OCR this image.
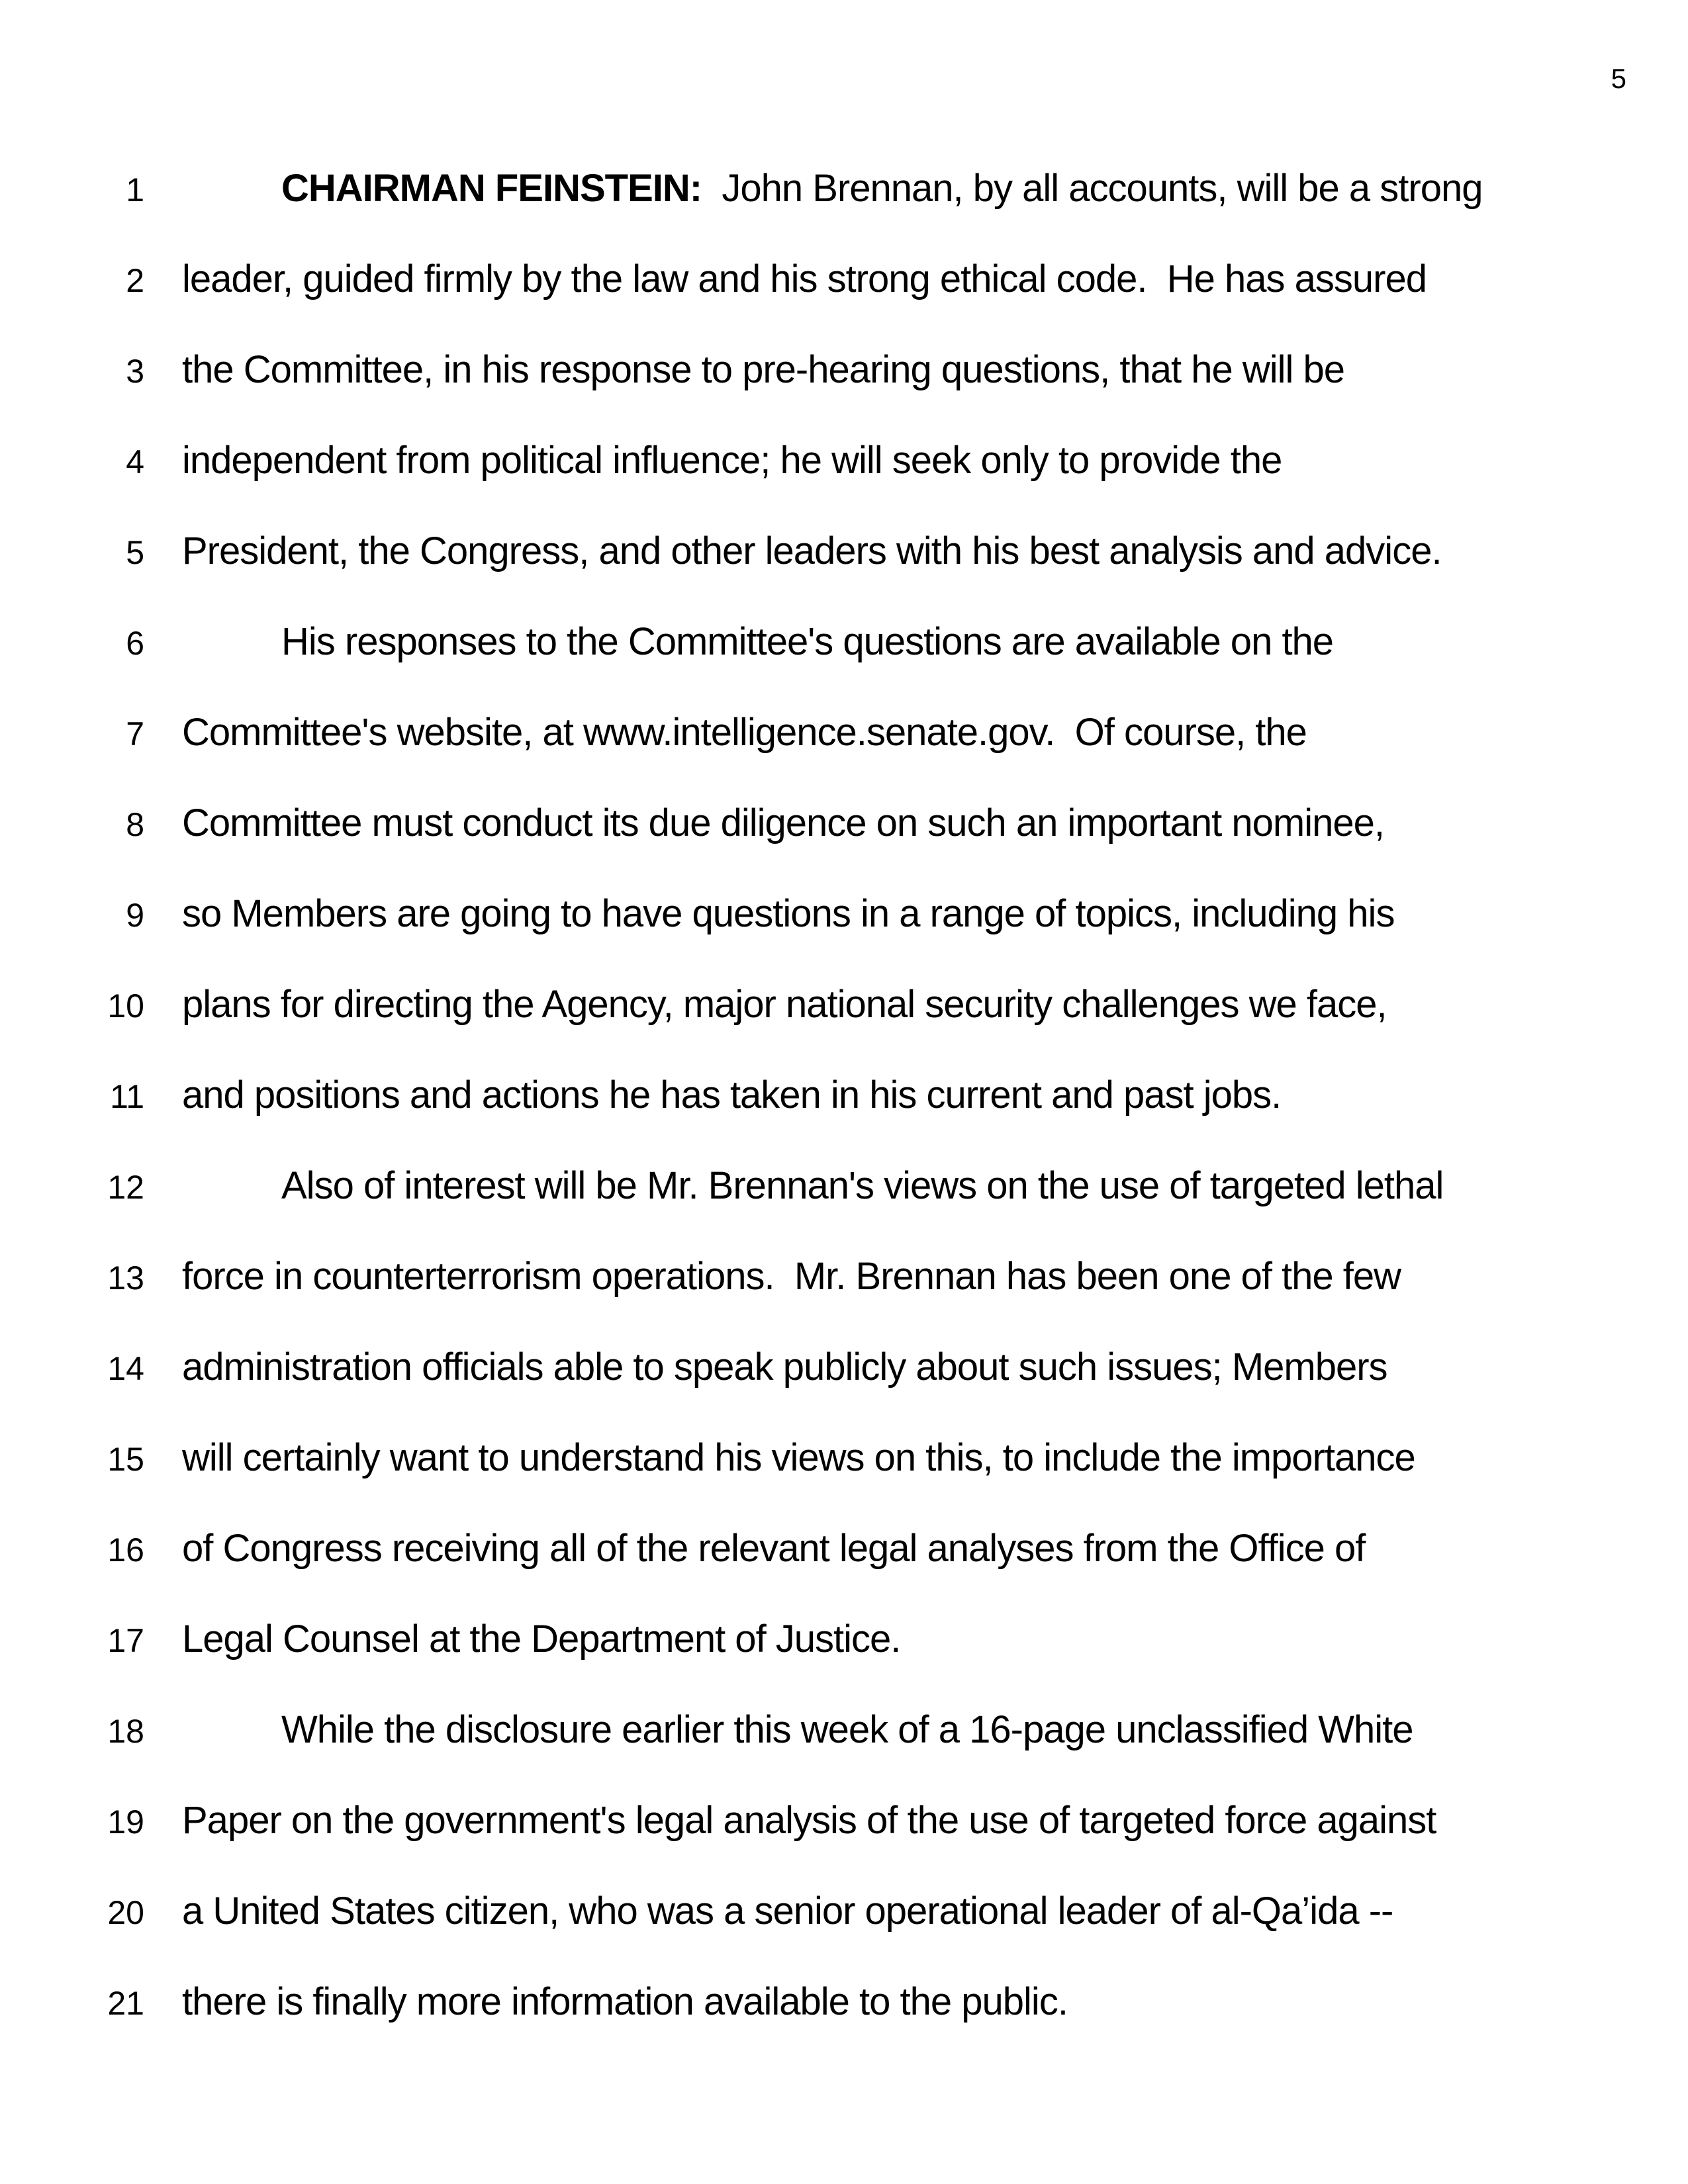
5
1	CHAIRMAN FEINSTEIN:  John Brennan, by all accounts, will be a strong
2 leader, guided firmly by the law and his strong ethical code.  He has assured
3 the Committee, in his response to pre-hearing questions, that he will be
4 independent from political influence; he will seek only to provide the
5 President, the Congress, and other leaders with his best analysis and advice.
6	His responses to the Committee's questions are available on the
7 Committee's website, at www.intelligence.senate.gov.  Of course, the
8 Committee must conduct its due diligence on such an important nominee,
9 so Members are going to have questions in a range of topics, including his
10 plans for directing the Agency, major national security challenges we face,
11 and positions and actions he has taken in his current and past jobs.
12	Also of interest will be Mr. Brennan's views on the use of targeted lethal
13 force in counterterrorism operations.  Mr. Brennan has been one of the few
14 administration officials able to speak publicly about such issues; Members
15 will certainly want to understand his views on this, to include the importance
16 of Congress receiving all of the relevant legal analyses from the Office of
17 Legal Counsel at the Department of Justice.
18	While the disclosure earlier this week of a 16-page unclassified White
19 Paper on the government's legal analysis of the use of targeted force against
20 a United States citizen, who was a senior operational leader of al-Qa’ida --
21 there is finally more information available to the public.
